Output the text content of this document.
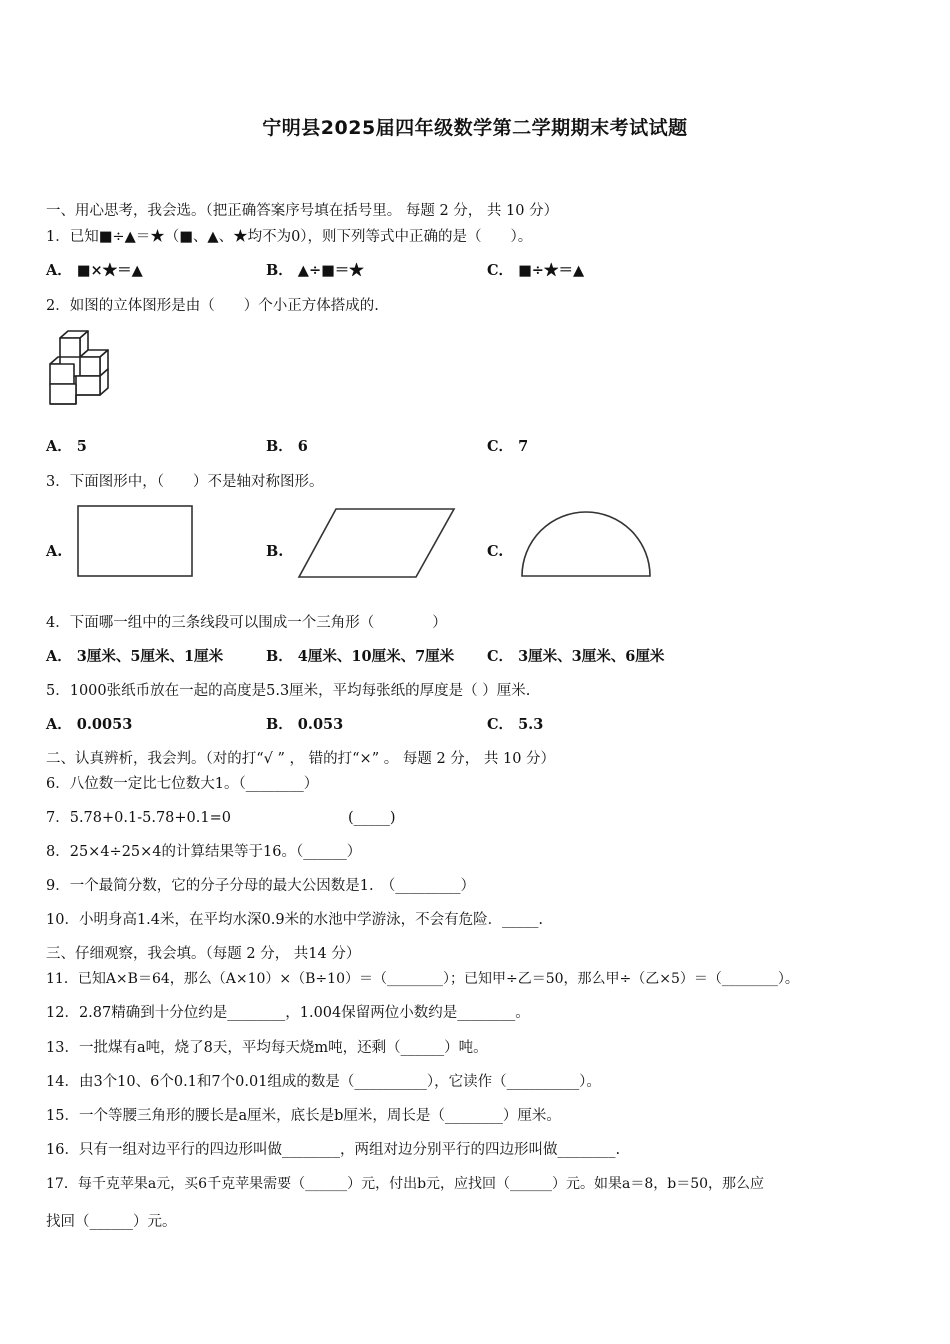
宁明县2025届四年级数学第二学期期末考试试题
一、用心思考，我会选。（把正确答案序号填在括号里。 每题 2 分， 共 10 分）
1．已知■÷▲＝★（■、▲、★均不为0），则下列等式中正确的是（　　）。
A． ■×★＝▲	B． ▲÷■＝★	C． ■÷★＝▲
2．如图的立体图形是由（　　）个小正方体搭成的.
A． 5	B． 6	C． 7
3．下面图形中，（　　）不是轴对称图形。
A.	B.	C.
4．下面哪一组中的三条线段可以围成一个三角形（　　　　）
A． 3厘米、5厘米、1厘米	B． 4厘米、10厘米、7厘米 C． 3厘米、3厘米、6厘米
5．1000张纸币放在一起的高度是5.3厘米，平均每张纸的厚度是（ ）厘米.
A． 0.0053	B． 0.053	C． 5.3
二、认真辨析，我会判。（对的打“√ ” ， 错的打“×” 。 每题 2 分， 共 10 分）
6．八位数一定比七位数大1。（________）
7．5.78+0.1-5.78+0.1=0	(_____)
8．25×4÷25×4的计算结果等于16。（______）
9．一个最简分数，它的分子分母的最大公因数是1.　（_________）
10．小明身高1.4米，在平均水深0.9米的水池中学游泳，不会有危险．_____.
三、仔细观察，我会填。（每题 2 分， 共14 分）
11．已知A×B＝64，那么（A×10）×（B÷10）＝（________）；已知甲÷乙＝50，那么甲÷（乙×5）＝（________）。
12．2.87精确到十分位约是________，1.004保留两位小数约是________。
13．一批煤有a吨，烧了8天，平均每天烧m吨，还剩（______）吨。
14．由3个10、6个0.1和7个0.01组成的数是（__________），它读作（__________）。
15．一个等腰三角形的腰长是a厘米，底长是b厘米，周长是（________）厘米。
16．只有一组对边平行的四边形叫做________，两组对边分别平行的四边形叫做________.
17．每千克苹果a元，买6千克苹果需要（______）元，付出b元，应找回（______）元。如果a＝8，b＝50，那么应
找回（______）元。
